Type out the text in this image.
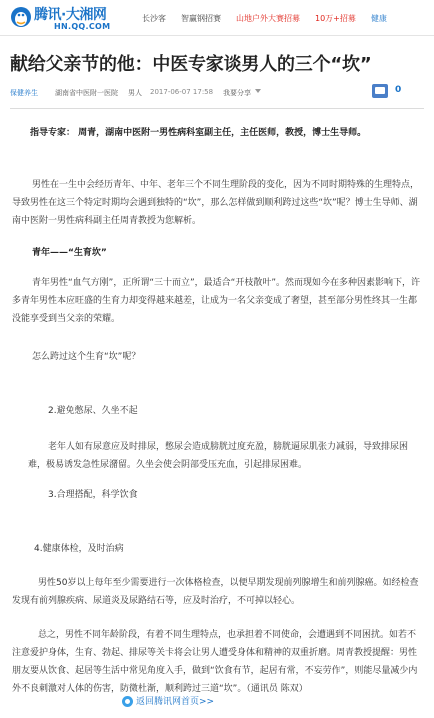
腾讯·大湘网
HN.QQ.COM
长沙客 智赢钢招赛 山地户外大赛招募 10万+招募 健康
献给父亲节的他：中医专家谈男人的三个“坎”
保健养生 湖南省中医附一医院 男人 2017-06-07 17:58 我要分享	0

指导专家： 周青，湖南中医附一男性病科室副主任，主任医师，教授，博士生导师。

男性在一生中会经历青年、中年、老年三个不同生理阶段的变化，因为不同时期特殊的生理特点，导致男性在这三个特定时期均会遇到独特的“坎”，那么怎样做到顺利跨过这些“坎”呢？博士生导师、湖南中医附一男性病科副主任周青教授为您解析。

青年——“生育坎”

青年男性“血气方刚”，正所谓“三十而立”，最适合“开枝散叶”。然而现如今在多种因素影响下，许多青年男性本应旺盛的生育力却变得越来越差，让成为一名父亲变成了奢望，甚至部分男性终其一生都没能享受到当父亲的荣耀。

怎么跨过这个生育“坎”呢？

2.避免憋尿、久坐不起

老年人如有尿意应及时排尿，憋尿会造成膀胱过度充盈，膀胱逼尿肌张力减弱，导致排尿困难，极易诱发急性尿潴留。久坐会使会阴部受压充血，引起排尿困难。

3.合理搭配，科学饮食

4.健康体检，及时治病

男性50岁以上每年至少需要进行一次体格检查，以便早期发现前列腺增生和前列腺癌。如经检查发现有前列腺疾病、尿道炎及尿路结石等，应及时治疗，不可掉以轻心。

总之，男性不同年龄阶段，有着不同生理特点，也承担着不同使命，会遭遇到不同困扰。如若不注意爱护身体，生育、勃起、排尿等关卡将会让男人遭受身体和精神的双重折磨。周青教授提醒：男性朋友要从饮食、起居等生活中常见角度入手，做到“饮食有节，起居有常，不妄劳作”，则能尽量减少内外不良刺激对人体的伤害，防微杜渐，顺利跨过三道“坎”。（通讯员 陈双）

返回腾讯网首页>>
